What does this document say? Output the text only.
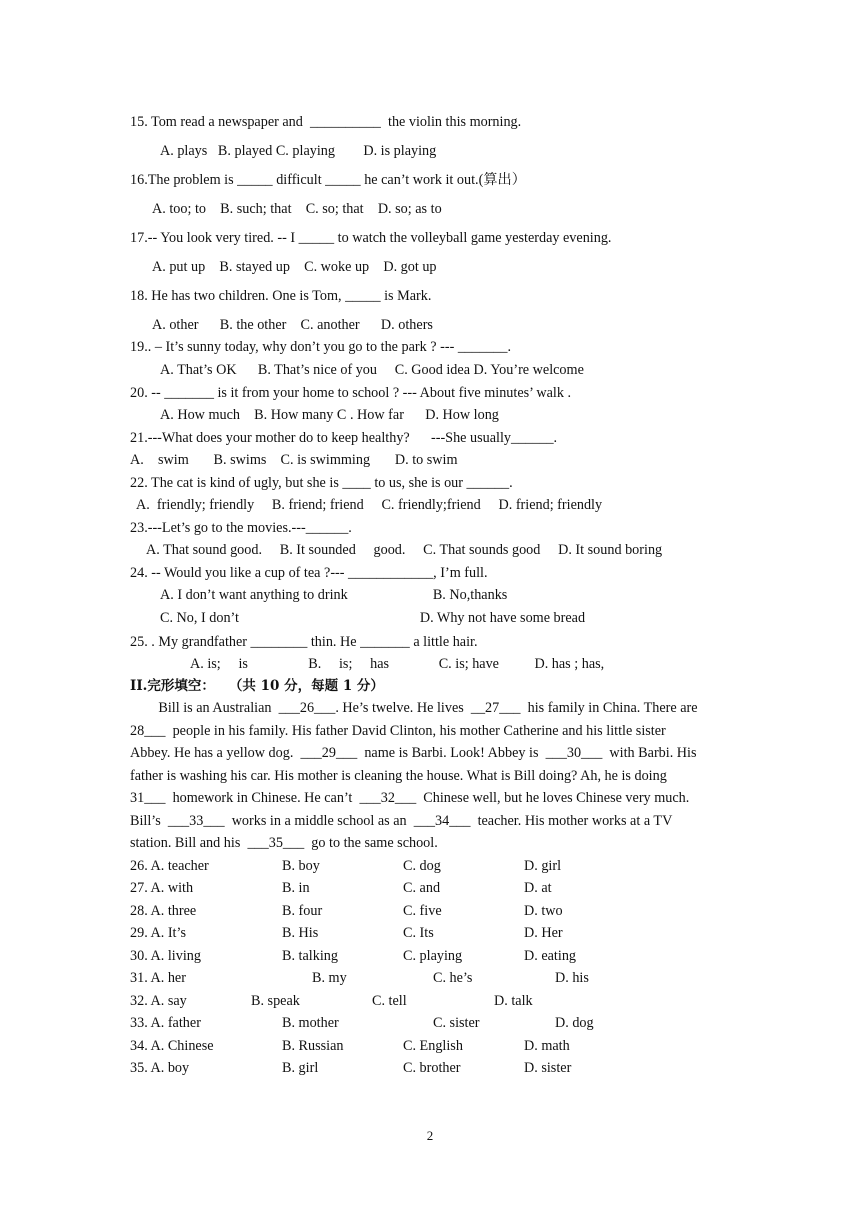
II.完形填空：   （共 10 分，每题 1 分）
2
15. Tom read a newspaper and  __________  the violin this morning.
A. plays   B. played C. playing        D. is playing
16.The problem is _____ difficult _____ he can’t work it out.(算出）
A. too; to    B. such; that    C. so; that    D. so; as to
17.-- You look very tired. -- I _____ to watch the volleyball game yesterday evening.
A. put up    B. stayed up    C. woke up    D. got up
18. He has two children. One is Tom, _____ is Mark.
A. other      B. the other    C. another      D. others
19.. – It’s sunny today, why don’t you go to the park ? --- _______.
A. That’s OK      B. That’s nice of you     C. Good idea D. You’re welcome
20. -- _______ is it from your home to school ? --- About five minutes’ walk .
A. How much    B. How many C . How far      D. How long
21.---What does your mother do to keep healthy?      ---She usually______.
A.    swim       B. swims    C. is swimming       D. to swim
22. The cat is kind of ugly, but she is ____ to us, she is our ______.
A.  friendly; friendly     B. friend; friend     C. friendly;friend     D. friend; friendly
23.---Let’s go to the movies.---______.
A. That sound good.     B. It sounded     good.     C. That sounds good     D. It sound boring
24. -- Would you like a cup of tea ?--- ____________, I’m full.
A. I don’t want anything to drink                        B. No,thanks
C. No, I don’t                                                   D. Why not have some bread
25. . My grandfather ________ thin. He _______ a little hair.
A. is;     is                 B.     is;     has              C. is; have          D. has ; has,
Bill is an Australian  ___26___. He’s twelve. He lives  __27___  his family in China. There are
28___  people in his family. His father David Clinton, his mother Catherine and his little sister
Abbey. He has a yellow dog.  ___29___  name is Barbi. Look! Abbey is  ___30___  with Barbi. His
father is washing his car. His mother is cleaning the house. What is Bill doing? Ah, he is doing
31___  homework in Chinese. He can’t  ___32___  Chinese well, but he loves Chinese very much.
Bill’s  ___33___  works in a middle school as an  ___34___  teacher. His mother works at a TV
station. Bill and his  ___35___  go to the same school.
26. A. teacher	B. boy	C. dog	D. girl
27. A. with	B. in	C. and	D. at
28. A. three	B. four	C. five	D. two
29. A. It’s	B. His	C. Its	D. Her
30. A. living	B. talking	C. playing	D. eating
31. A. her	B. my	C. he’s	D. his
32. A. say	B. speak	C. tell	D. talk
33. A. father	B. mother	C. sister	D. dog
34. A. Chinese	B. Russian	C. English	D. math
35. A. boy	B. girl	C. brother	D. sister
